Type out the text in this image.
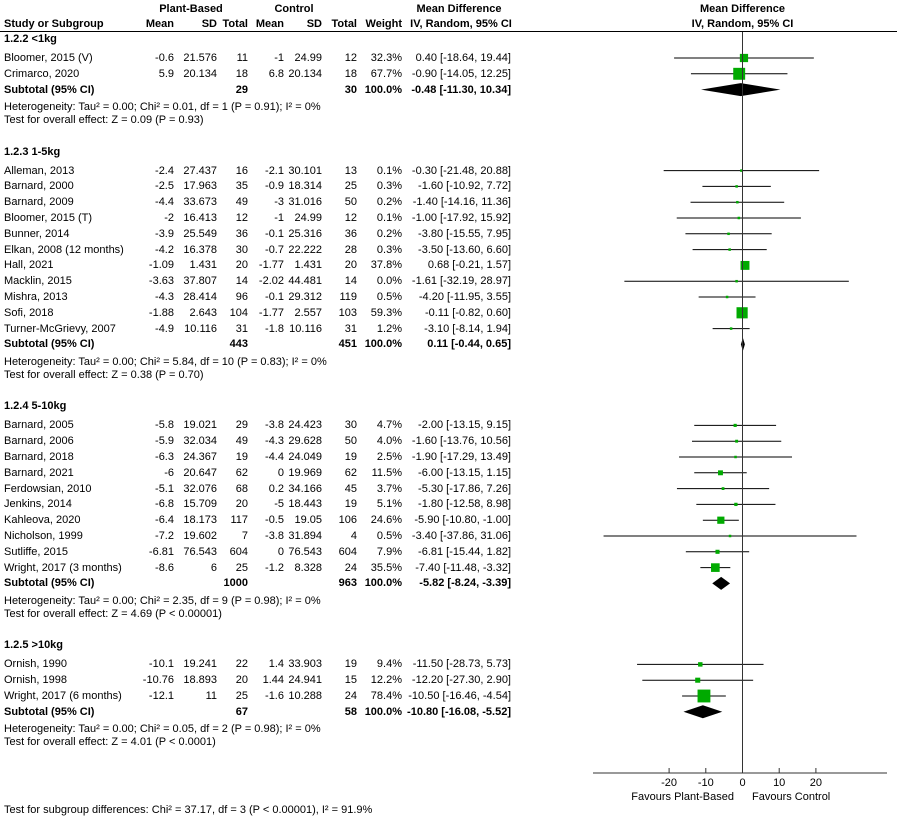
Plant-Based	Control	Mean Difference	Mean Difference
Study or Subgroup	Mean	SD Total Mean	SD Total Weight IV, Random, 95% CI	IV, Random, 95% CI
1.2.2 <1kg
Bloomer, 2015 (V)	-0.6 21.576	11	-1 24.99	12	32.3%	0.40 [-18.64, 19.44]
Crimarco, 2020	5.9 20.134	18	6.8 20.134	18	67.7% -0.90 [-14.05, 12.25]
Subtotal (95% CI)	29	30 100.0% -0.48 [-11.30, 10.34]
Heterogeneity: Tau² = 0.00; Chi² = 0.01, df = 1 (P = 0.91); I² = 0%
Test for overall effect: Z = 0.09 (P = 0.93)
1.2.3 1-5kg
Alleman, 2013	-2.4 27.437	16	-2.1 30.101	13	0.1% -0.30 [-21.48, 20.88]
Barnard, 2000	-2.5 17.963	35	-0.9 18.314	25	0.3%	-1.60 [-10.92, 7.72]
Barnard, 2009	-4.4 33.673	49	-3 31.016	50	0.2% -1.40 [-14.16, 11.36]
Bloomer, 2015 (T)	-2 16.413	12	-1 24.99	12	0.1% -1.00 [-17.92, 15.92]
Bunner, 2014	-3.9 25.549	36	-0.1 25.316	36	0.2%	-3.80 [-15.55, 7.95]
Elkan, 2008 (12 months)	-4.2 16.378	30	-0.7 22.222	28	0.3%	-3.50 [-13.60, 6.60]
Hall, 2021	-1.09	1.431	20 -1.77 1.431	20	37.8%	0.68 [-0.21, 1.57]
Macklin, 2015	-3.63 37.807	14 -2.02 44.481	14	0.0% -1.61 [-32.19, 28.97]
Mishra, 2013	-4.3 28.414	96	-0.1 29.312	119	0.5%	-4.20 [-11.95, 3.55]
Sofi, 2018	-1.88	2.643	104 -1.77 2.557	103	59.3%	-0.11 [-0.82, 0.60]
Turner-McGrievy, 2007	-4.9 10.116	31	-1.8 10.116	31	1.2%	-3.10 [-8.14, 1.94]
Subtotal (95% CI)	443	451 100.0%	0.11 [-0.44, 0.65]
Heterogeneity: Tau² = 0.00; Chi² = 5.84, df = 10 (P = 0.83); I² = 0%
Test for overall effect: Z = 0.38 (P = 0.70)
1.2.4 5-10kg
Barnard, 2005	-5.8 19.021	29	-3.8 24.423	30	4.7%	-2.00 [-13.15, 9.15]
Barnard, 2006	-5.9 32.034	49	-4.3 29.628	50	4.0% -1.60 [-13.76, 10.56]
Barnard, 2018	-6.3 24.367	19	-4.4 24.049	19	2.5% -1.90 [-17.29, 13.49]
Barnard, 2021	-6 20.647	62	0 19.969	62	11.5%	-6.00 [-13.15, 1.15]
Ferdowsian, 2010	-5.1 32.076	68	0.2 34.166	45	3.7%	-5.30 [-17.86, 7.26]
Jenkins, 2014	-6.8 15.709	20	-5 18.443	19	5.1%	-1.80 [-12.58, 8.98]
Kahleova, 2020	-6.4 18.173	117	-0.5 19.05	106	24.6%	-5.90 [-10.80, -1.00]
Nicholson, 1999	-7.2 19.602	7	-3.8 31.894	4	0.5% -3.40 [-37.86, 31.06]
Sutliffe, 2015	-6.81 76.543	604	0 76.543	604	7.9%	-6.81 [-15.44, 1.82]
Wright, 2017 (3 months)	-8.6	6	25	-1.2 8.328	24	35.5%	-7.40 [-11.48, -3.32]
Subtotal (95% CI)	1000	963 100.0%	-5.82 [-8.24, -3.39]
Heterogeneity: Tau² = 0.00; Chi² = 2.35, df = 9 (P = 0.98); I² = 0%
Test for overall effect: Z = 4.69 (P < 0.00001)
1.2.5 >10kg
Ornish, 1990	-10.1 19.241	22	1.4 33.903	19	9.4% -11.50 [-28.73, 5.73]
Ornish, 1998	-10.76 18.893	20	1.44 24.941	15	12.2% -12.20 [-27.30, 2.90]
Wright, 2017 (6 months)	-12.1	11	25	-1.6 10.288	24	78.4% -10.50 [-16.46, -4.54]
Subtotal (95% CI)	67	58 100.0% -10.80 [-16.08, -5.52]
Heterogeneity: Tau² = 0.00; Chi² = 0.05, df = 2 (P = 0.98); I² = 0%
Test for overall effect: Z = 4.01 (P < 0.0001)
-20	-10	0	10	20
Favours Plant-Based Favours Control
Test for subgroup differences: Chi² = 37.17, df = 3 (P < 0.00001), I² = 91.9%
